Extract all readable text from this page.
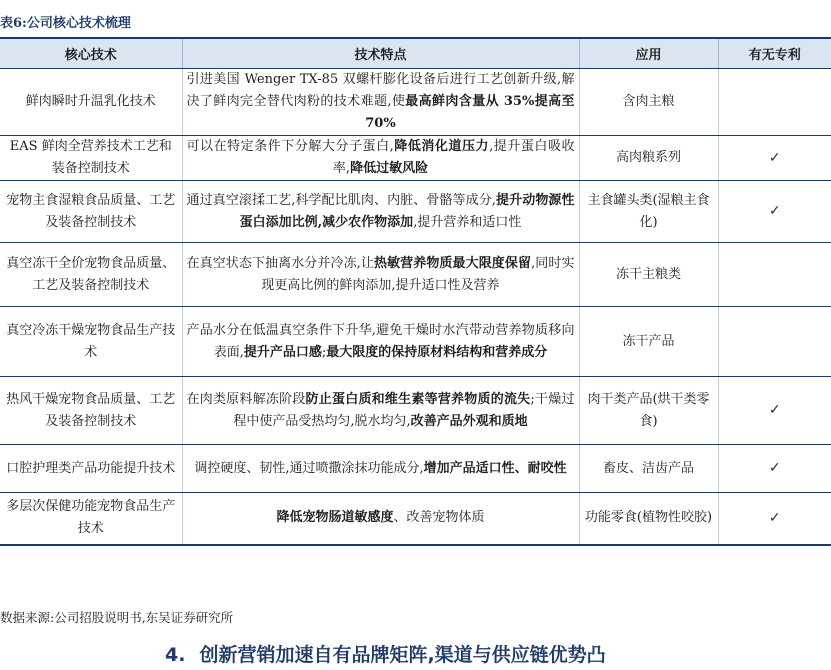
表6:公司核心技术梳理
核心技术	技术特点	应用	有无专利
鲜肉瞬时升温乳化技术	引进美国 Wenger TX-85 双螺杆膨化设备后进行工艺创新升级,解决了鲜肉完全替代肉粉的技术难题,使最高鲜肉含量从 35%提高至 70%	含肉主粮	
EAS 鲜肉全营养技术工艺和装备控制技术	可以在特定条件下分解大分子蛋白,降低消化道压力,提升蛋白吸收率,降低过敏风险	高肉粮系列	✓
宠物主食湿粮食品质量、工艺及装备控制技术	通过真空滚揉工艺,科学配比肌肉、内脏、骨骼等成分,提升动物源性蛋白添加比例,减少农作物添加,提升营养和适口性	主食罐头类(湿粮主食化)	✓
真空冻干全价宠物食品质量、工艺及装备控制技术	在真空状态下抽离水分并冷冻,让热敏营养物质最大限度保留,同时实现更高比例的鲜肉添加,提升适口性及营养	冻干主粮类	
真空冷冻干燥宠物食品生产技术	产品水分在低温真空条件下升华,避免干燥时水汽带动营养物质移向表面,提升产品口感;最大限度的保持原材料结构和营养成分	冻干产品	
热风干燥宠物食品质量、工艺及装备控制技术	在肉类原料解冻阶段防止蛋白质和维生素等营养物质的流失;干燥过程中使产品受热均匀,脱水均匀,改善产品外观和质地	肉干类产品(烘干类零食)	✓
口腔护理类产品功能提升技术	调控硬度、韧性,通过喷撒涂抹功能成分,增加产品适口性、耐咬性	畜皮、洁齿产品	✓
多层次保健功能宠物食品生产技术	降低宠物肠道敏感度、改善宠物体质	功能零食(植物性咬胶)	✓
数据来源:公司招股说明书,东吴证券研究所
4. 创新营销加速自有品牌矩阵,渠道与供应链优势凸
